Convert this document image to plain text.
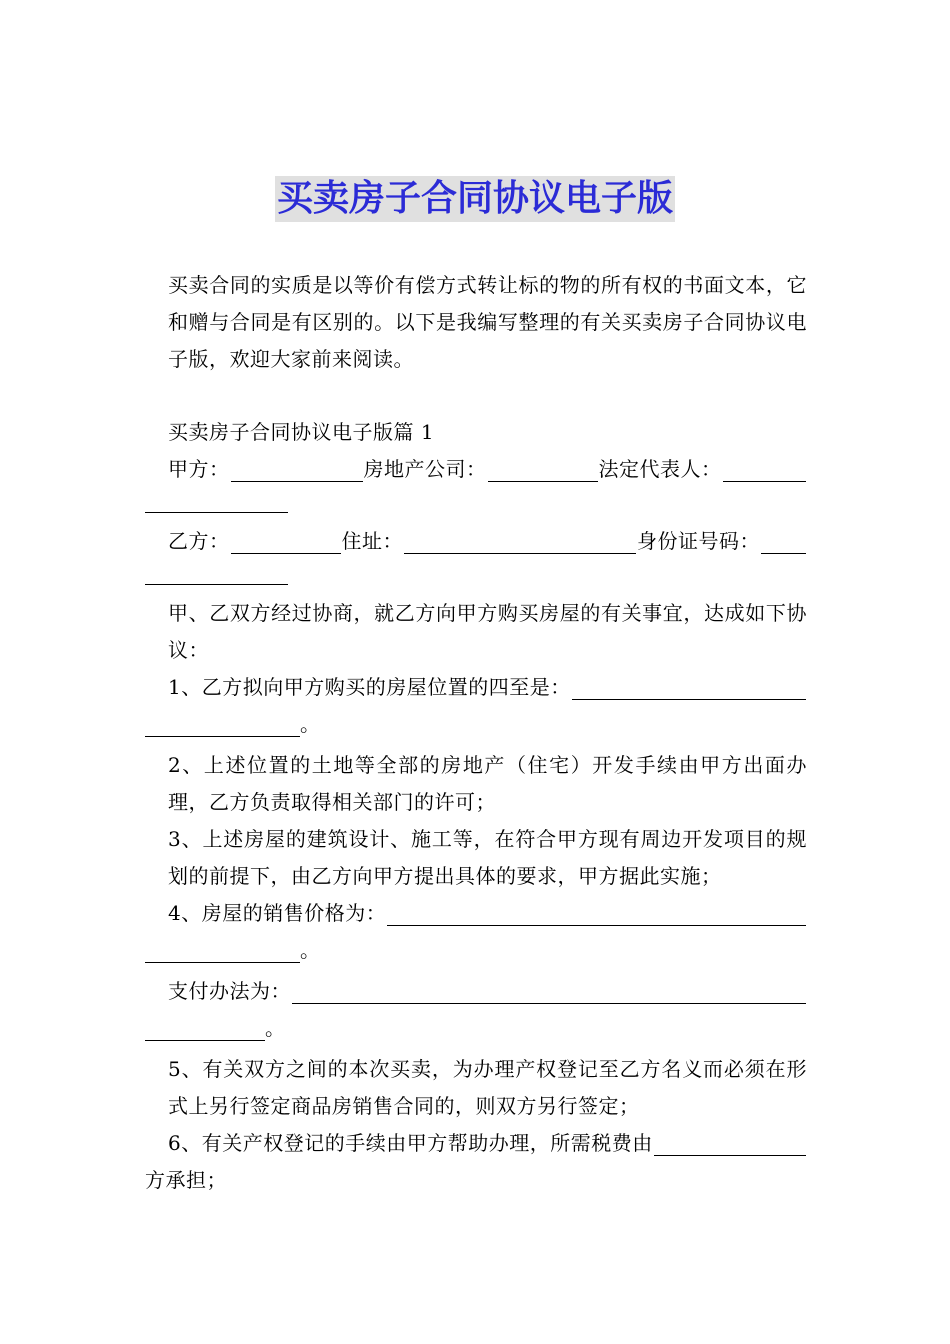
买卖房子合同协议电子版

买卖合同的实质是以等价有偿方式转让标的物的所有权的书面文本，它和赠与合同是有区别的。以下是我编写整理的有关买卖房子合同协议电子版，欢迎大家前来阅读。

买卖房子合同协议电子版篇 1

甲方：	房地产公司：	法定代表人：
乙方：	住址：	身份证号码：

甲、乙双方经过协商，就乙方向甲方购买房屋的有关事宜，达成如下协议：

1、乙方拟向甲方购买的房屋位置的四至是：
。

2、上述位置的土地等全部的房地产（住宅）开发手续由甲方出面办理，乙方负责取得相关部门的许可；

3、上述房屋的建筑设计、施工等，在符合甲方现有周边开发项目的规划的前提下，由乙方向甲方提出具体的要求，甲方据此实施；

4、房屋的销售价格为：
。
支付办法为：
。

5、有关双方之间的本次买卖，为办理产权登记至乙方名义而必须在形式上另行签定商品房销售合同的，则双方另行签定；

6、有关产权登记的手续由甲方帮助办理，所需税费由

方承担；
